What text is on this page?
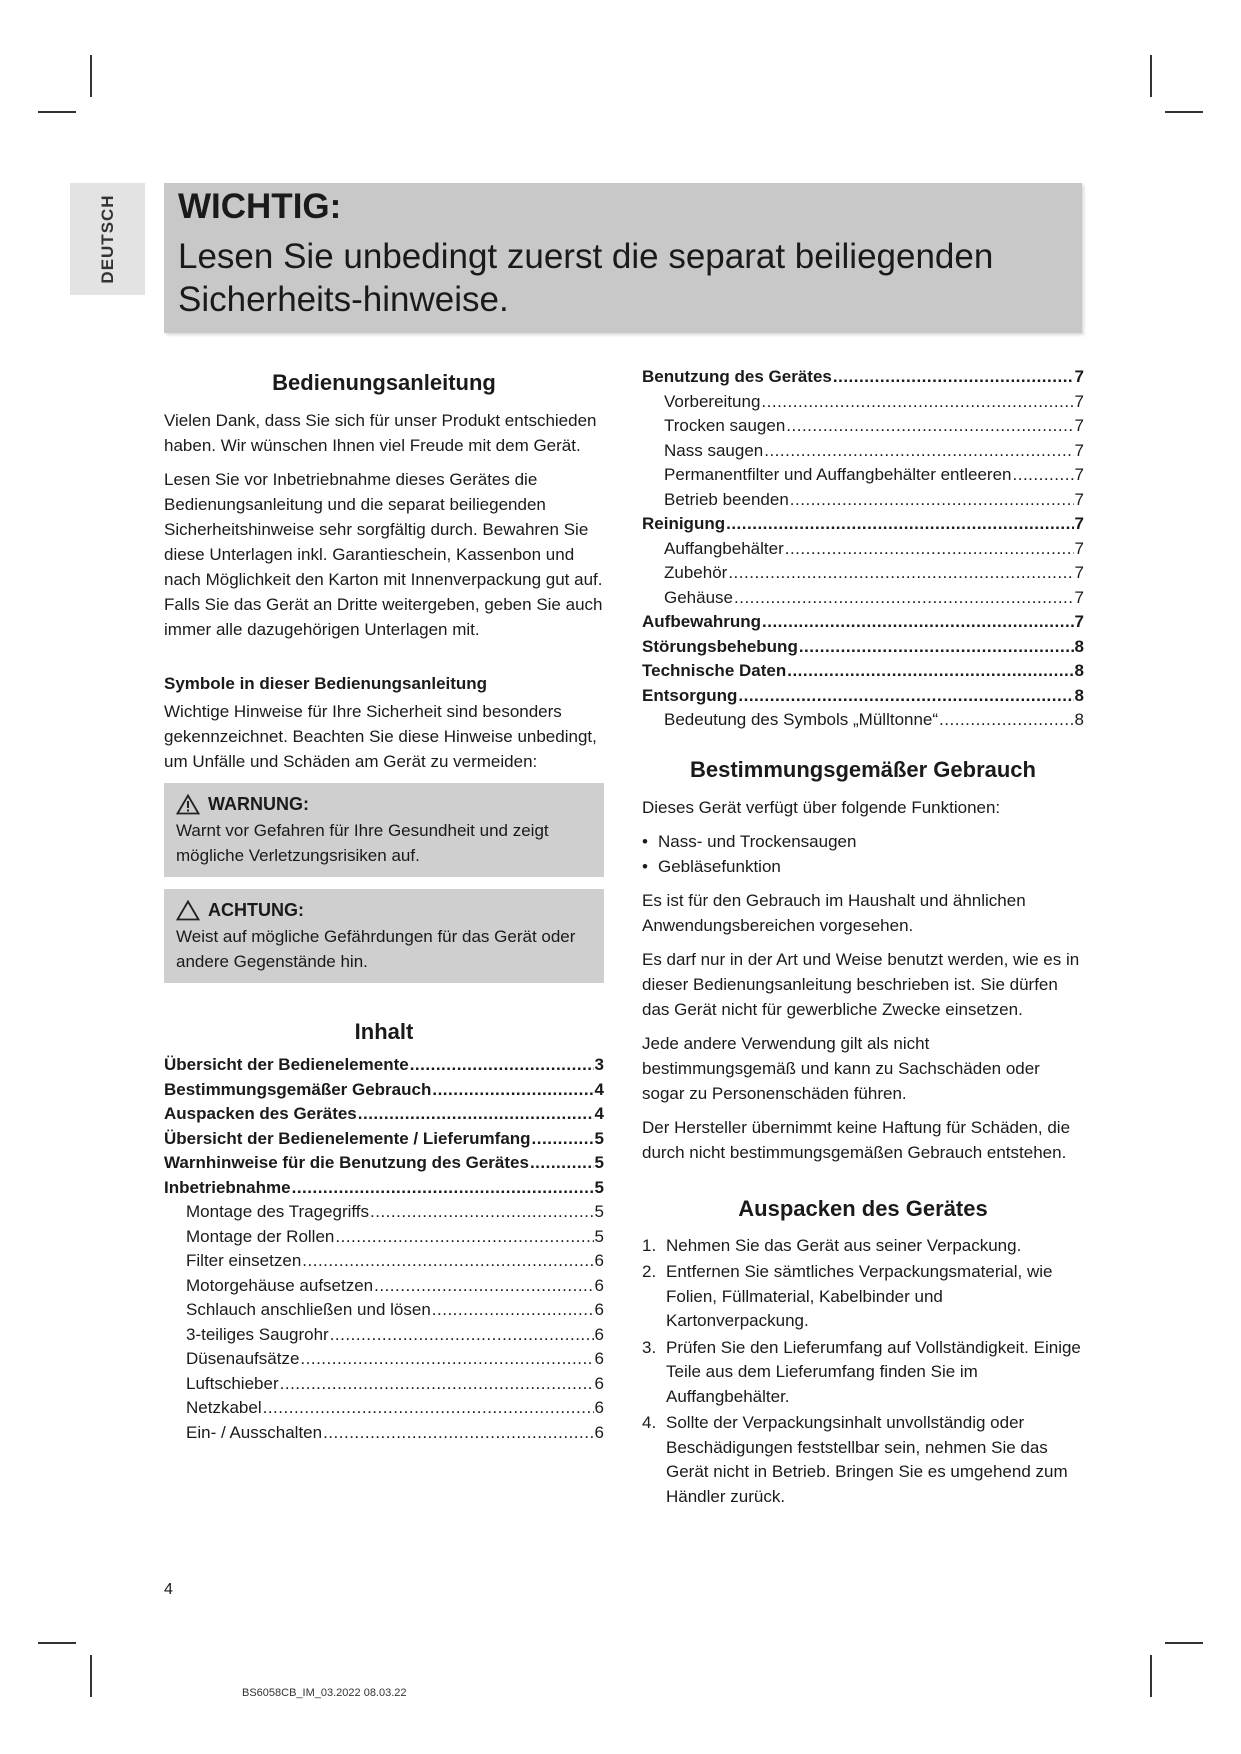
DEUTSCH WICHTIG:
Lesen Sie unbedingt zuerst die separat beiliegenden Sicherheits-hinweise.
Bedienungsanleitung

Vielen Dank, dass Sie sich für unser Produkt entschieden haben. Wir wünschen Ihnen viel Freude mit dem Gerät.

Lesen Sie vor Inbetriebnahme dieses Gerätes die Bedienungsanleitung und die separat beiliegenden Sicherheitshinweise sehr sorgfältig durch. Bewahren Sie diese Unterlagen inkl. Garantieschein, Kassenbon und nach Möglichkeit den Karton mit Innenverpackung gut auf. Falls Sie das Gerät an Dritte weitergeben, geben Sie auch immer alle dazugehörigen Unterlagen mit.

Symbole in dieser Bedienungsanleitung

Wichtige Hinweise für Ihre Sicherheit sind besonders gekennzeichnet. Beachten Sie diese Hinweise unbedingt, um Unfälle und Schäden am Gerät zu vermeiden:

WARNUNG:
Warnt vor Gefahren für Ihre Gesundheit und zeigt mögliche Verletzungsrisiken auf.
ACHTUNG:
Weist auf mögliche Gefährdungen für das Gerät oder andere Gegenstände hin.
Inhalt
Übersicht der Bedienelemente .....	3
Bestimmungsgemäßer Gebrauch .....	4
Auspacken des Gerätes .....	4
Übersicht der Bedienelemente / Lieferumfang .....	5
Warnhinweise für die Benutzung des Gerätes .....	5
Inbetriebnahme .....	5
Montage des Tragegriffs .....	5
Montage der Rollen .....	5
Filter einsetzen .....	6
Motorgehäuse aufsetzen .....	6
Schlauch anschließen und lösen .....	6
3-teiliges Saugrohr .....	6
Düsenaufsätze .....	6
Luftschieber .....	6
Netzkabel .....	6
Ein- / Ausschalten .....	6
Benutzung des Gerätes .....	7
Vorbereitung .....	7
Trocken saugen .....	7
Nass saugen .....	7
Permanentfilter und Auffangbehälter entleeren .....	7
Betrieb beenden .....	7
Reinigung .....	7
Auffangbehälter .....	7
Zubehör .....	7
Gehäuse .....	7
Aufbewahrung .....	7
Störungsbehebung .....	8
Technische Daten .....	8
Entsorgung .....	8
Bedeutung des Symbols „Mülltonne“ .....	8
Bestimmungsgemäßer Gebrauch

Dieses Gerät verfügt über folgende Funktionen:

• Nass- und Trockensaugen
• Gebläsefunktion

Es ist für den Gebrauch im Haushalt und ähnlichen Anwendungsbereichen vorgesehen.

Es darf nur in der Art und Weise benutzt werden, wie es in dieser Bedienungsanleitung beschrieben ist. Sie dürfen das Gerät nicht für gewerbliche Zwecke einsetzen.

Jede andere Verwendung gilt als nicht bestimmungsgemäß und kann zu Sachschäden oder sogar zu Personenschäden führen.

Der Hersteller übernimmt keine Haftung für Schäden, die durch nicht bestimmungsgemäßen Gebrauch entstehen.

Auspacken des Gerätes
1. Nehmen Sie das Gerät aus seiner Verpackung.
2. Entfernen Sie sämtliches Verpackungsmaterial, wie Folien, Füllmaterial, Kabelbinder und Kartonverpackung.
3. Prüfen Sie den Lieferumfang auf Vollständigkeit. Einige Teile aus dem Lieferumfang finden Sie im Auffangbehälter.
4. Sollte der Verpackungsinhalt unvollständig oder Beschädigungen feststellbar sein, nehmen Sie das Gerät nicht in Betrieb. Bringen Sie es umgehend zum Händler zurück.
4
BS6058CB_IM_03.2022 08.03.22
